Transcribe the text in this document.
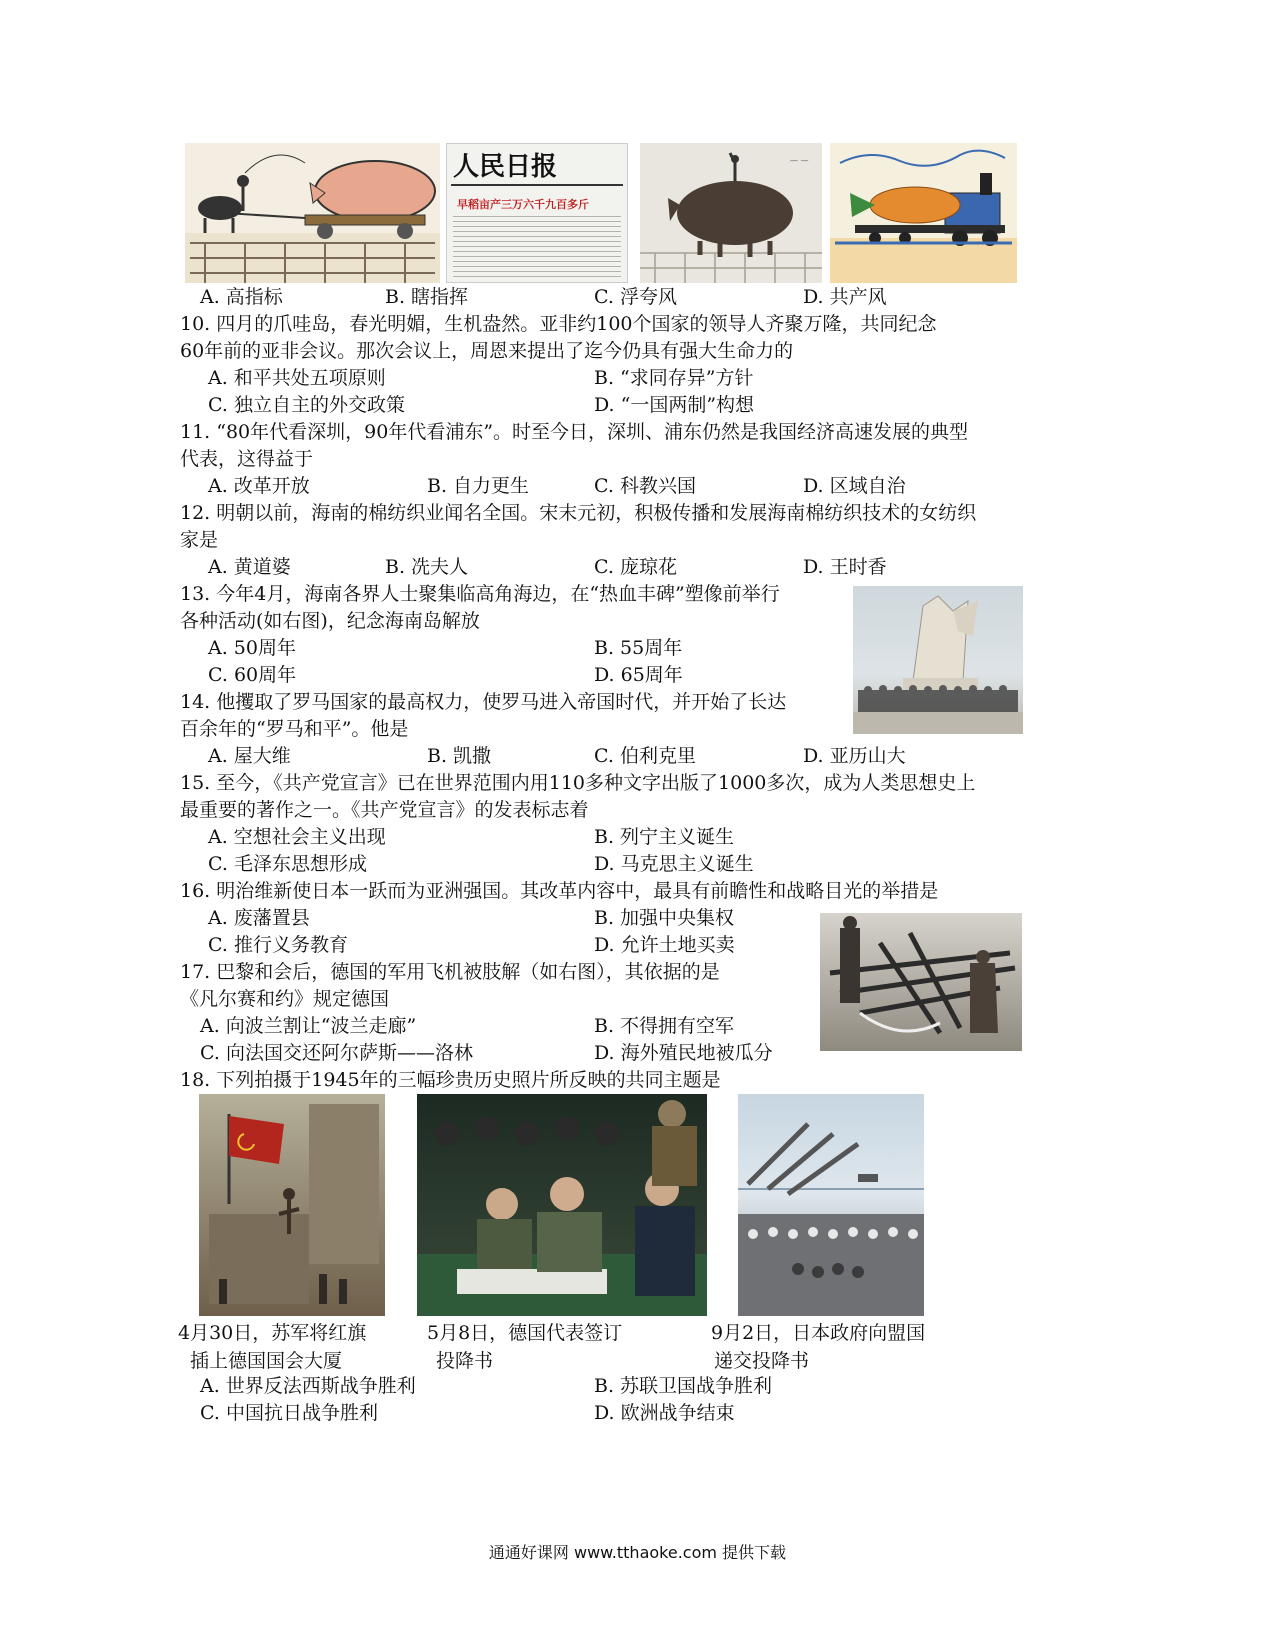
人民日报
早稻亩产三万六千九百多斤
— —
A. 高指标	B. 瞎指挥	C. 浮夸风	D. 共产风
10. 四月的爪哇岛，春光明媚，生机盎然。亚非约100个国家的领导人齐聚万隆，共同纪念
60年前的亚非会议。那次会议上，周恩来提出了迄今仍具有强大生命力的
A. 和平共处五项原则	B. “求同存异”方针
C. 独立自主的外交政策	D. “一国两制”构想
11. “80年代看深圳，90年代看浦东”。时至今日，深圳、浦东仍然是我国经济高速发展的典型
代表，这得益于
A. 改革开放	B. 自力更生	C. 科教兴国	D. 区域自治
12. 明朝以前，海南的棉纺织业闻名全国。宋末元初，积极传播和发展海南棉纺织技术的女纺织
家是
A. 黄道婆	B. 冼夫人	C. 庞琼花	D. 王时香
13. 今年4月，海南各界人士聚集临高角海边，在“热血丰碑”塑像前举行
各种活动(如右图)，纪念海南岛解放
A. 50周年	B. 55周年
C. 60周年	D. 65周年
14. 他攫取了罗马国家的最高权力，使罗马进入帝国时代，并开始了长达
百余年的“罗马和平”。他是
A. 屋大维	B. 凯撒	C. 伯利克里	D. 亚历山大
15. 至今，《共产党宣言》已在世界范围内用110多种文字出版了1000多次，成为人类思想史上
最重要的著作之一。《共产党宣言》的发表标志着
A. 空想社会主义出现	B. 列宁主义诞生
C. 毛泽东思想形成	D. 马克思主义诞生
16. 明治维新使日本一跃而为亚洲强国。其改革内容中，最具有前瞻性和战略目光的举措是
A. 废藩置县	B. 加强中央集权
C. 推行义务教育	D. 允许土地买卖
17. 巴黎和会后，德国的军用飞机被肢解（如右图），其依据的是
《凡尔赛和约》规定德国
A. 向波兰割让“波兰走廊”	B. 不得拥有空军
C. 向法国交还阿尔萨斯——洛林	D. 海外殖民地被瓜分
18. 下列拍摄于1945年的三幅珍贵历史照片所反映的共同主题是
4月30日，苏军将红旗
插上德国国会大厦
5月8日，德国代表签订
投降书
9月2日，日本政府向盟国
递交投降书
A. 世界反法西斯战争胜利	B. 苏联卫国战争胜利
C. 中国抗日战争胜利	D. 欧洲战争结束
通通好课网 www.tthaoke.com 提供下载
